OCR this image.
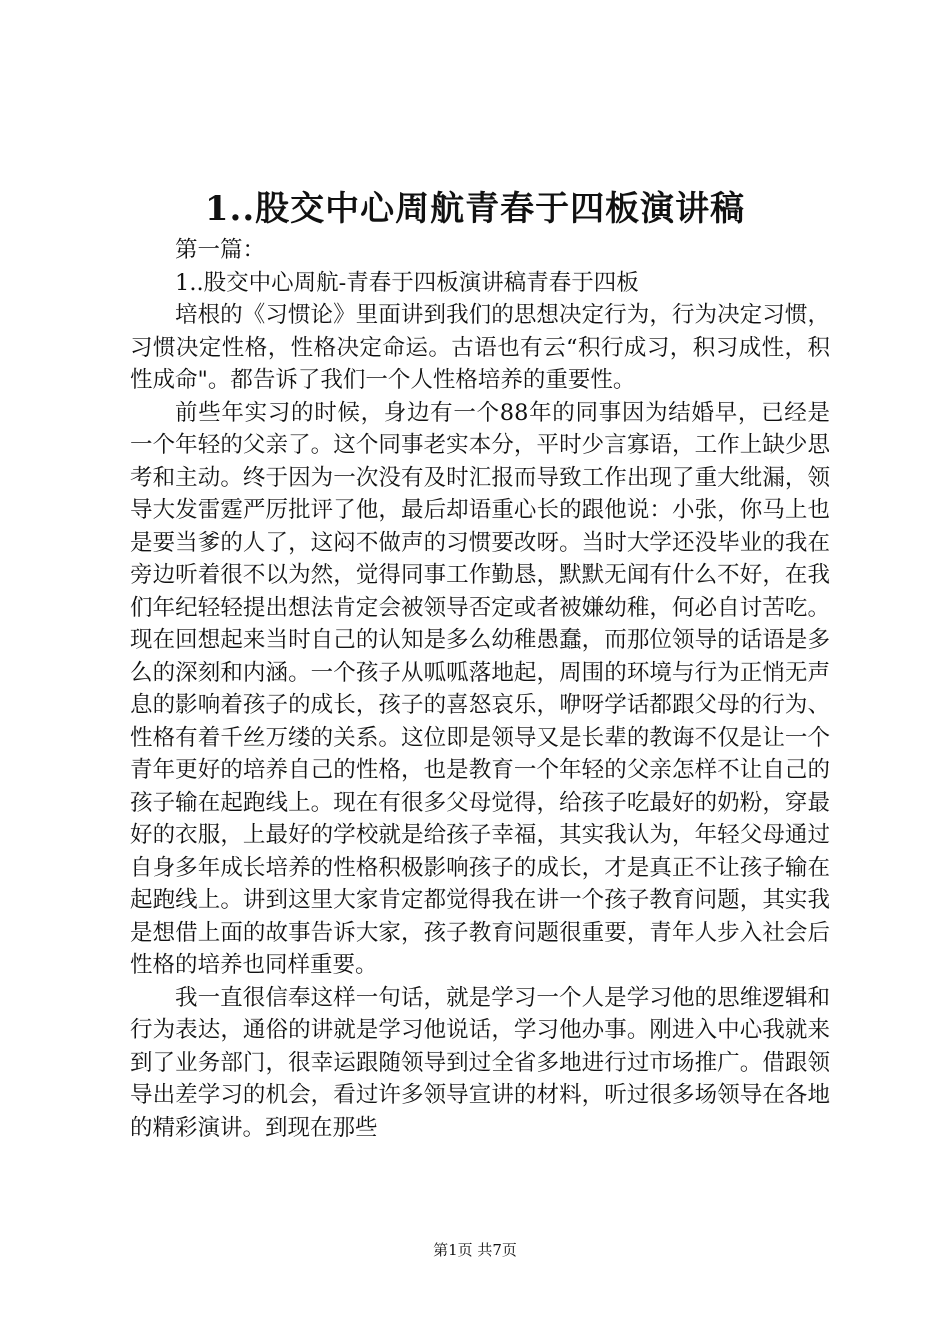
1..股交中心周航青春于四板演讲稿

第一篇：

1..股交中心周航-青春于四板演讲稿青春于四板

培根的《习惯论》里面讲到我们的思想决定行为，行为决定习惯，习惯决定性格，性格决定命运。古语也有云“积行成习，积习成性，积性成命"。都告诉了我们一个人性格培养的重要性。

前些年实习的时候，身边有一个88年的同事因为结婚早，已经是一个年轻的父亲了。这个同事老实本分，平时少言寡语，工作上缺少思考和主动。终于因为一次没有及时汇报而导致工作出现了重大纰漏，领导大发雷霆严厉批评了他，最后却语重心长的跟他说：小张，你马上也是要当爹的人了，这闷不做声的习惯要改呀。当时大学还没毕业的我在旁边听着很不以为然，觉得同事工作勤恳，默默无闻有什么不好，在我们年纪轻轻提出想法肯定会被领导否定或者被嫌幼稚，何必自讨苦吃。现在回想起来当时自己的认知是多么幼稚愚蠢，而那位领导的话语是多么的深刻和内涵。一个孩子从呱呱落地起，周围的环境与行为正悄无声息的影响着孩子的成长，孩子的喜怒哀乐，咿呀学话都跟父母的行为、性格有着千丝万缕的关系。这位即是领导又是长辈的教诲不仅是让一个青年更好的培养自己的性格，也是教育一个年轻的父亲怎样不让自己的孩子输在起跑线上。现在有很多父母觉得，给孩子吃最好的奶粉，穿最好的衣服，上最好的学校就是给孩子幸福，其实我认为，年轻父母通过自身多年成长培养的性格积极影响孩子的成长，才是真正不让孩子输在起跑线上。讲到这里大家肯定都觉得我在讲一个孩子教育问题，其实我是想借上面的故事告诉大家，孩子教育问题很重要，青年人步入社会后性格的培养也同样重要。

我一直很信奉这样一句话，就是学习一个人是学习他的思维逻辑和行为表达，通俗的讲就是学习他说话，学习他办事。刚进入中心我就来到了业务部门，很幸运跟随领导到过全省多地进行过市场推广。借跟领导出差学习的机会，看过许多领导宣讲的材料，听过很多场领导在各地的精彩演讲。到现在那些

第1页 共7页
